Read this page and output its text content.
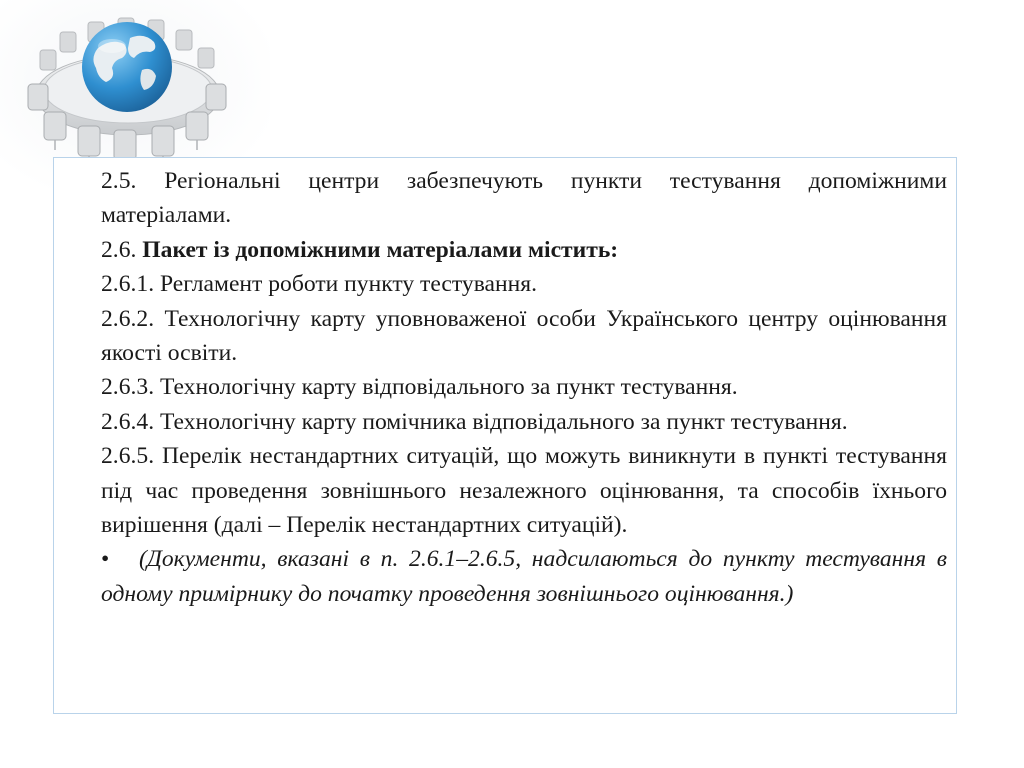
2.5. Регіональні центри забезпечують пункти тестування допоміжними матеріалами.

2.6. Пакет із допоміжними матеріалами містить:

2.6.1. Регламент роботи пункту тестування.

2.6.2. Технологічну карту уповноваженої особи Українського центру оцінювання якості освіти.

2.6.3. Технологічну карту відповідального за пункт тестування.

2.6.4. Технологічну карту помічника відповідального за пункт тестування.

2.6.5. Перелік нестандартних ситуацій, що можуть виникнути в пункті тестування під час проведення зовнішнього незалежного оцінювання, та способів їхнього вирішення (далі – Перелік нестандартних ситуацій).

• (Документи, вказані в п. 2.6.1–2.6.5, надсилаються до пункту тестування в одному примірнику до початку проведення зовнішнього оцінювання.)
